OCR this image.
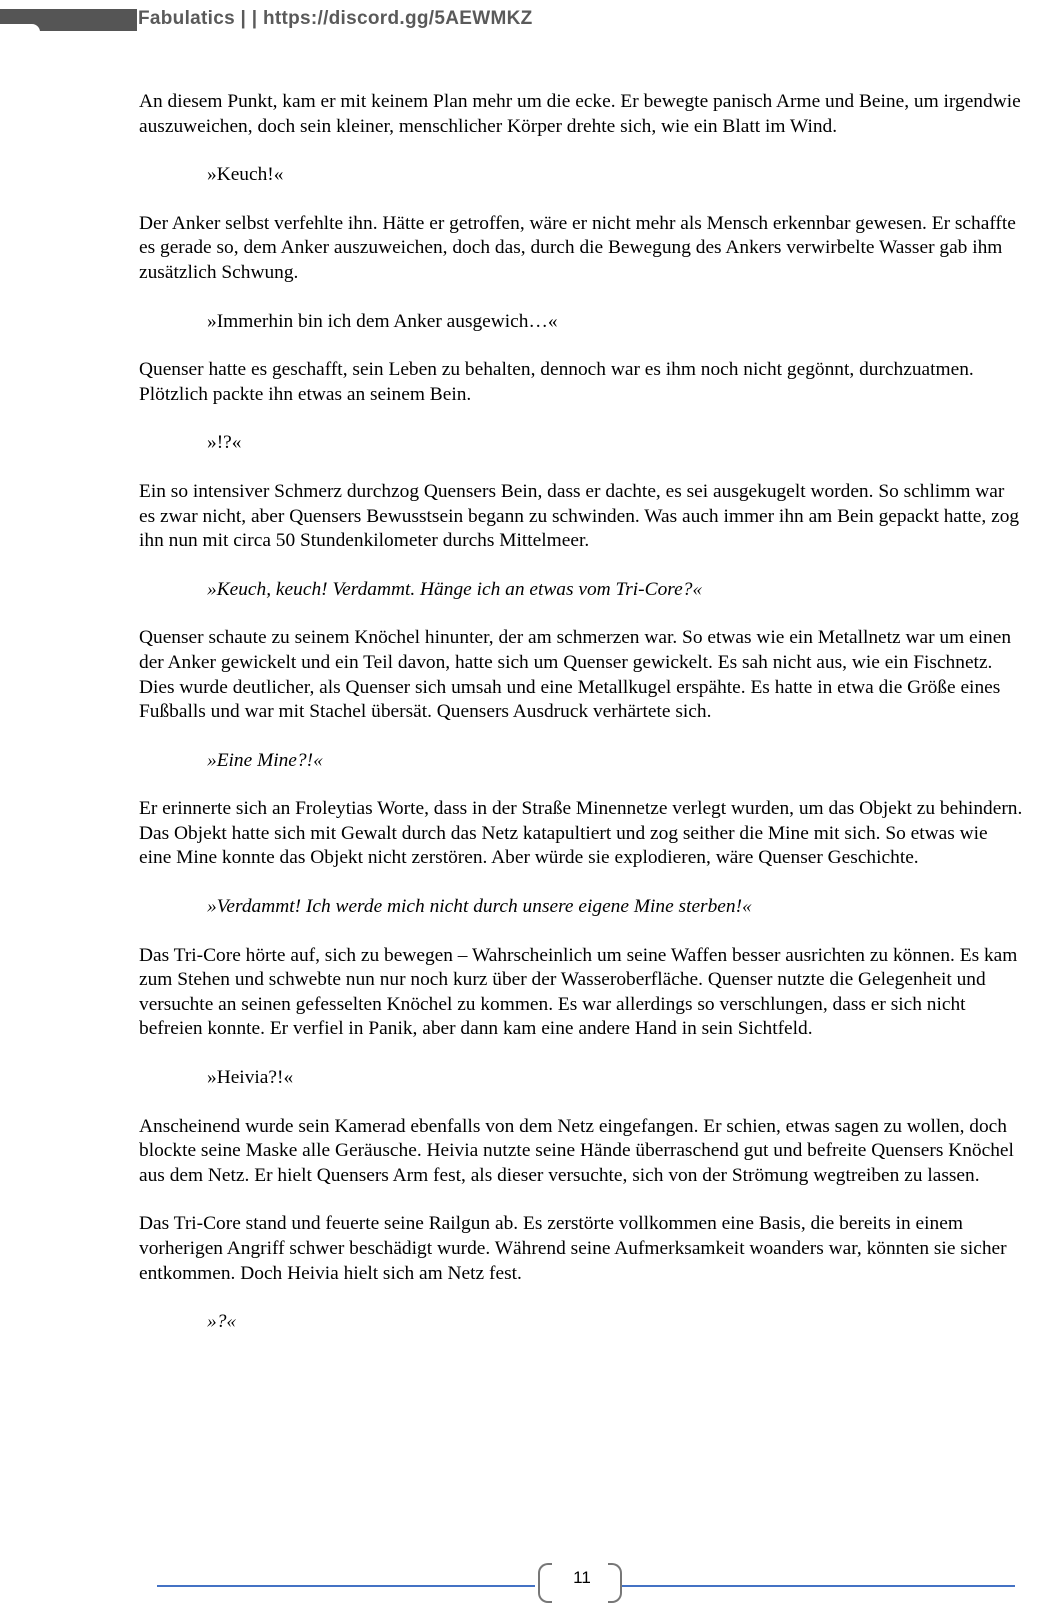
Fabulatics | | https://discord.gg/5AEWMKZ

An diesem Punkt, kam er mit keinem Plan mehr um die ecke. Er bewegte panisch Arme und Beine, um irgendwie auszuweichen, doch sein kleiner, menschlicher Körper drehte sich, wie ein Blatt im Wind.

»Keuch!«

Der Anker selbst verfehlte ihn. Hätte er getroffen, wäre er nicht mehr als Mensch erkennbar gewesen. Er schaffte es gerade so, dem Anker auszuweichen, doch das, durch die Bewegung des Ankers verwirbelte Wasser gab ihm zusätzlich Schwung.

»Immerhin bin ich dem Anker ausgewich…«

Quenser hatte es geschafft, sein Leben zu behalten, dennoch war es ihm noch nicht gegönnt, durchzuatmen. Plötzlich packte ihn etwas an seinem Bein.

»!?«

Ein so intensiver Schmerz durchzog Quensers Bein, dass er dachte, es sei ausgekugelt worden. So schlimm war es zwar nicht, aber Quensers Bewusstsein begann zu schwinden. Was auch immer ihn am Bein gepackt hatte, zog ihn nun mit circa 50 Stundenkilometer durchs Mittelmeer.

»Keuch, keuch! Verdammt. Hänge ich an etwas vom Tri-Core?«

Quenser schaute zu seinem Knöchel hinunter, der am schmerzen war. So etwas wie ein Metallnetz war um einen der Anker gewickelt und ein Teil davon, hatte sich um Quenser gewickelt. Es sah nicht aus, wie ein Fischnetz. Dies wurde deutlicher, als Quenser sich umsah und eine Metallkugel erspähte. Es hatte in etwa die Größe eines Fußballs und war mit Stachel übersät. Quensers Ausdruck verhärtete sich.

»Eine Mine?!«

Er erinnerte sich an Froleytias Worte, dass in der Straße Minennetze verlegt wurden, um das Objekt zu behindern. Das Objekt hatte sich mit Gewalt durch das Netz katapultiert und zog seither die Mine mit sich. So etwas wie eine Mine konnte das Objekt nicht zerstören. Aber würde sie explodieren, wäre Quenser Geschichte.

»Verdammt! Ich werde mich nicht durch unsere eigene Mine sterben!«

Das Tri-Core hörte auf, sich zu bewegen – Wahrscheinlich um seine Waffen besser ausrichten zu können. Es kam zum Stehen und schwebte nun nur noch kurz über der Wasseroberfläche. Quenser nutzte die Gelegenheit und versuchte an seinen gefesselten Knöchel zu kommen. Es war allerdings so verschlungen, dass er sich nicht befreien konnte. Er verfiel in Panik, aber dann kam eine andere Hand in sein Sichtfeld.

»Heivia?!«

Anscheinend wurde sein Kamerad ebenfalls von dem Netz eingefangen. Er schien, etwas sagen zu wollen, doch blockte seine Maske alle Geräusche. Heivia nutzte seine Hände überraschend gut und befreite Quensers Knöchel aus dem Netz. Er hielt Quensers Arm fest, als dieser versuchte, sich von der Strömung wegtreiben zu lassen.

Das Tri-Core stand und feuerte seine Railgun ab. Es zerstörte vollkommen eine Basis, die bereits in einem vorherigen Angriff schwer beschädigt wurde. Während seine Aufmerksamkeit woanders war, könnten sie sicher entkommen. Doch Heivia hielt sich am Netz fest.

»?«

11
